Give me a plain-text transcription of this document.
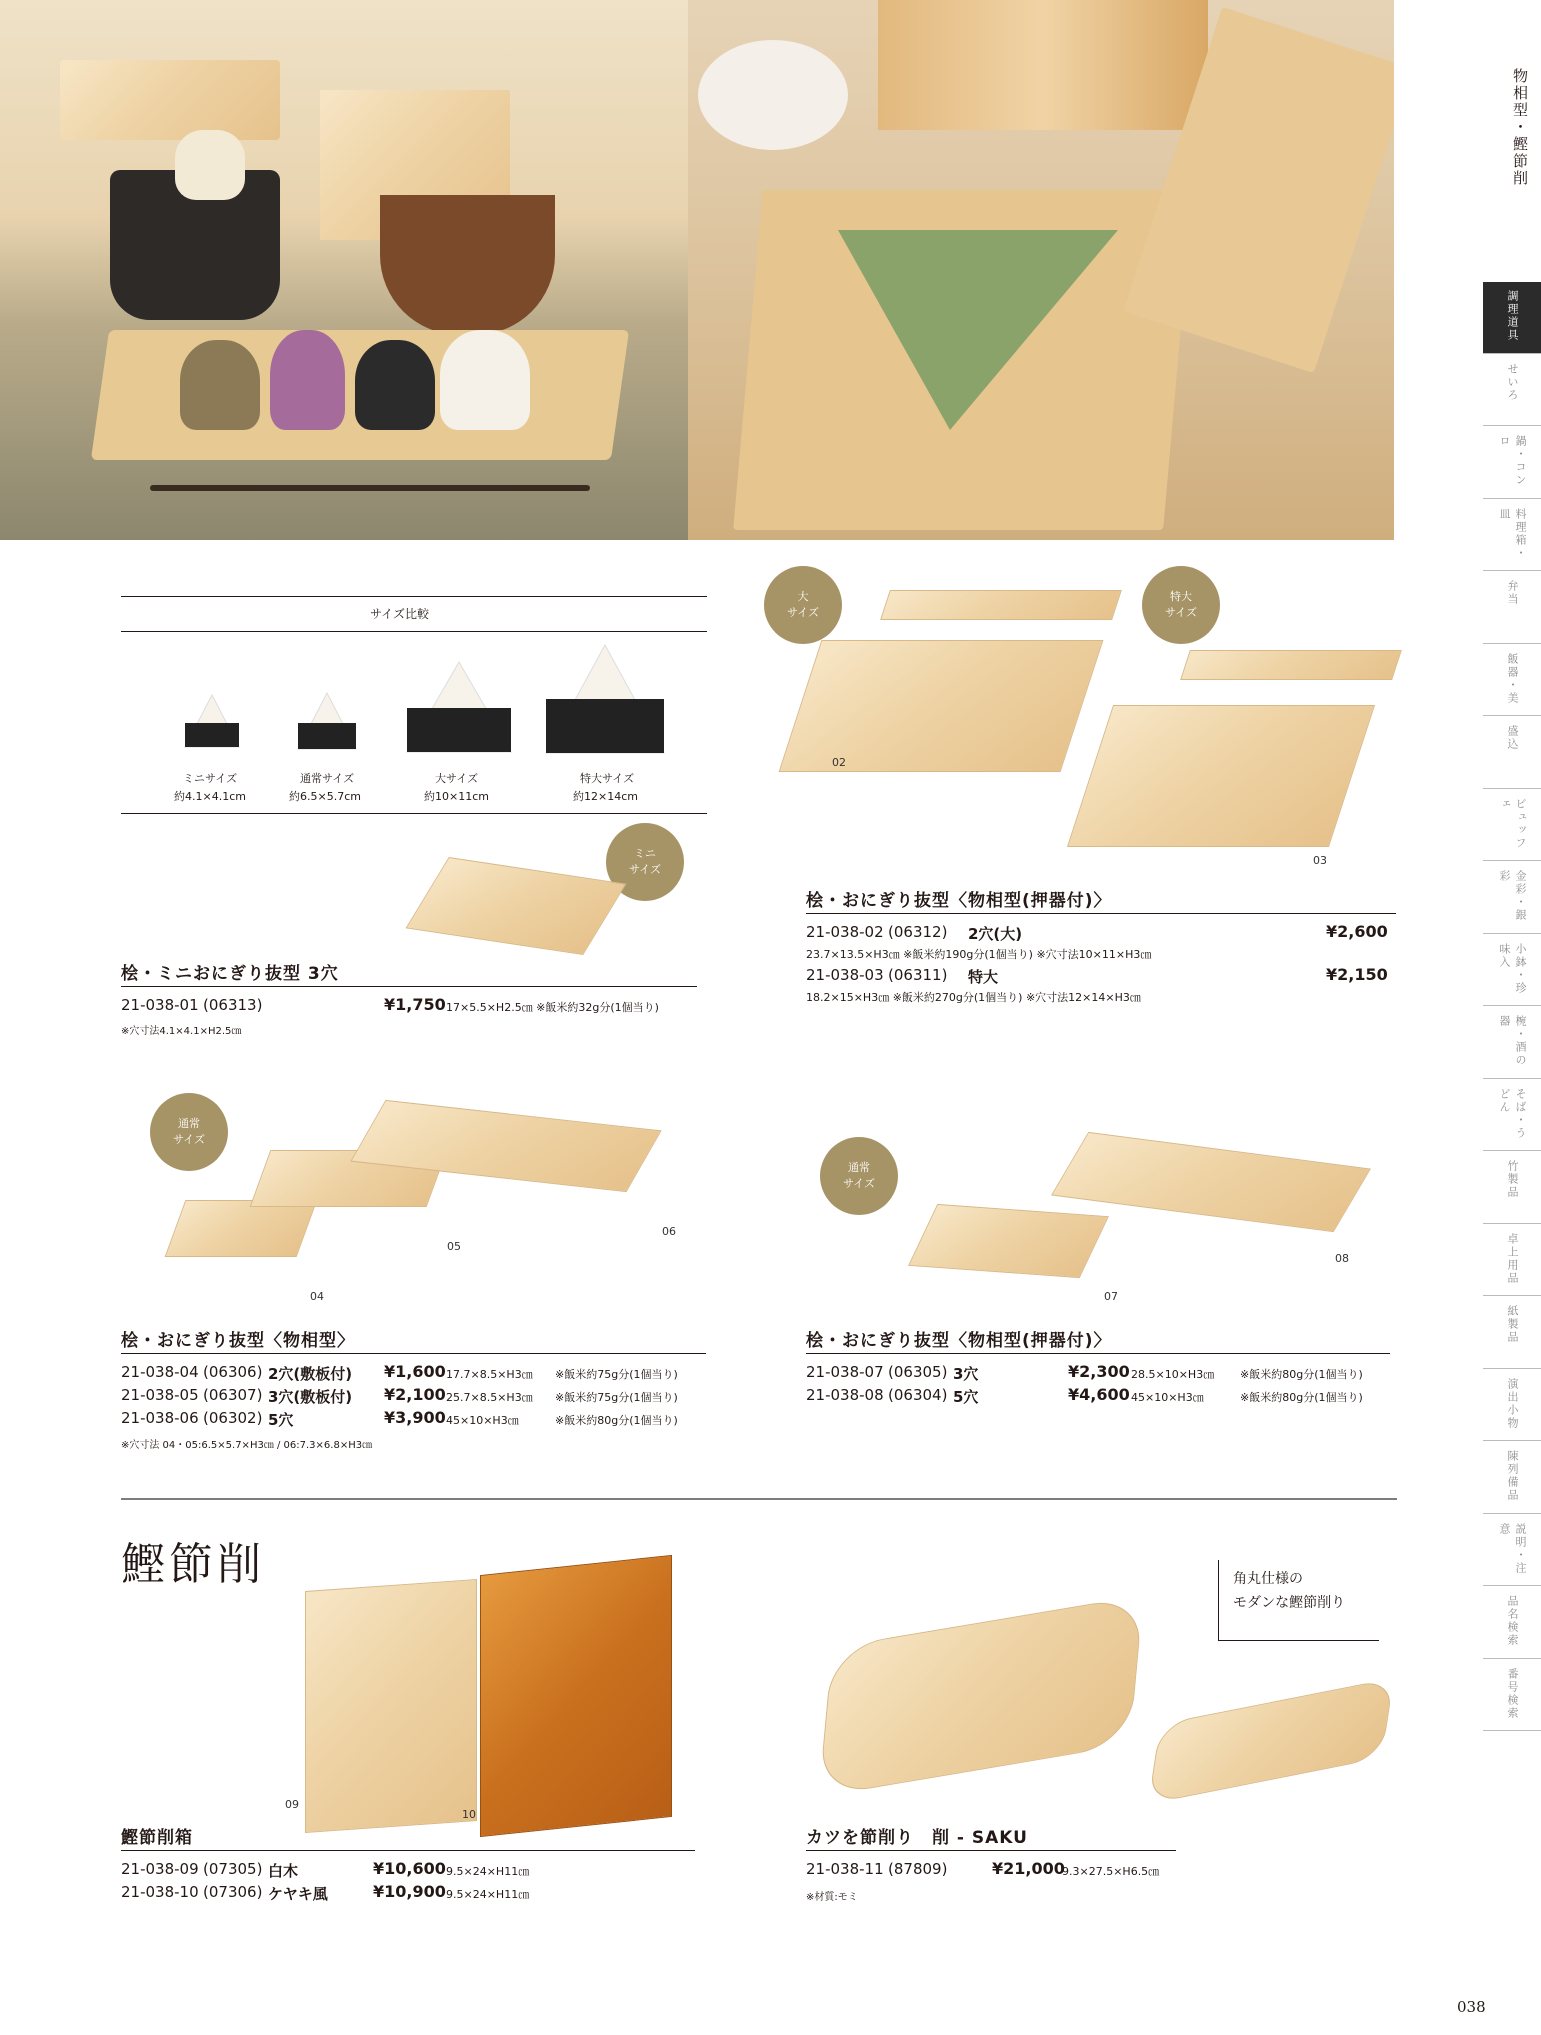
サイズ比較
ミニサイズ
約4.1×4.1cm
通常サイズ
約6.5×5.7cm
大サイズ
約10×11cm
特大サイズ
約12×14cm
大
サイズ
特大
サイズ
02
03
桧・おにぎり抜型〈物相型(押器付)〉
21-038-02 (06312) 2穴(大)	¥2,600
23.7×13.5×H3㎝ ※飯米約190g分(1個当り) ※穴寸法10×11×H3㎝
21-038-03 (06311) 特大	¥2,150
18.2×15×H3㎝ ※飯米約270g分(1個当り) ※穴寸法12×14×H3㎝
ミニ
サイズ
桧・ミニおにぎり抜型 3穴
21-038-01 (06313)	¥1,750 17×5.5×H2.5㎝ ※飯米約32g分(1個当り)
※穴寸法4.1×4.1×H2.5㎝
通常
サイズ
04
05
06
桧・おにぎり抜型〈物相型〉
21-038-04 (06306) 2穴(敷板付) ¥1,600 17.7×8.5×H3㎝ ※飯米約75g分(1個当り)
21-038-05 (06307) 3穴(敷板付) ¥2,100 25.7×8.5×H3㎝ ※飯米約75g分(1個当り)
21-038-06 (06302) 5穴	¥3,900 45×10×H3㎝	※飯米約80g分(1個当り)
※穴寸法 04・05:6.5×5.7×H3㎝ / 06:7.3×6.8×H3㎝
通常
サイズ
07
08
桧・おにぎり抜型〈物相型(押器付)〉
21-038-07 (06305) 3穴	¥2,300 28.5×10×H3㎝ ※飯米約80g分(1個当り)
21-038-08 (06304) 5穴	¥4,600 45×10×H3㎝	※飯米約80g分(1個当り)
鰹節削
09
10
鰹節削箱
21-038-09 (07305) 白木	¥10,600 9.5×24×H11㎝
21-038-10 (07306) ケヤキ風	¥10,900 9.5×24×H11㎝
角丸仕様の
モダンな鰹節削り
カツを節削り　削 - SAKU
21-038-11 (87809)	¥21,000
9.3×27.5×H6.5㎝
※材質:モミ
物相型・鰹節削
調理道具
せいろ
鍋・コンロ
料理箱・皿
弁当
飯器・美
盛込
ビュッフェ
金彩・銀彩
小鉢・珍味入
椀・酒の器
そば・うどん
竹製品
卓上用品
紙製品
演出小物
陳列備品
説明・注意
品名検索
番号検索
038
